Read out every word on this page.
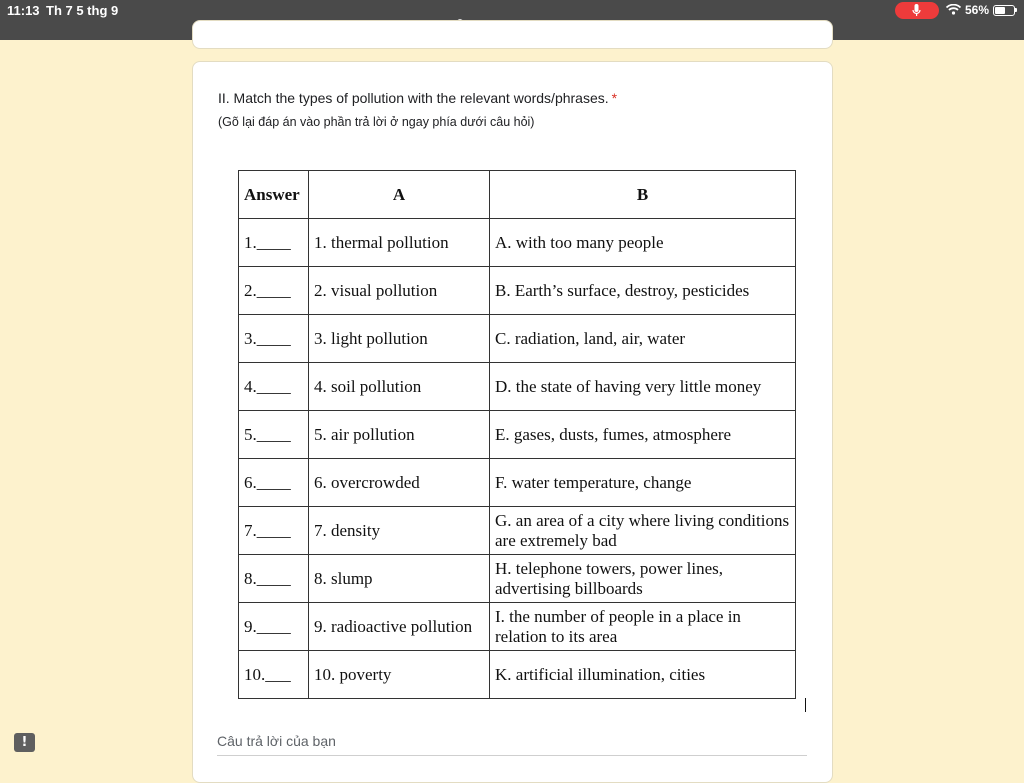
11:13 Th 7 5 thg 9	56%
II. Match the types of pollution with the relevant words/phrases. *
(Gõ lại đáp án vào phần trả lời ở ngay phía dưới câu hỏi)
Answer	A	B
1.____	1. thermal pollution	A. with too many people
2.____	2. visual pollution	B. Earth’s surface, destroy, pesticides
3.____	3. light pollution	C. radiation, land, air, water
4.____	4. soil pollution	D. the state of having very little money
5.____	5. air pollution	E. gases, dusts, fumes, atmosphere
6.____	6. overcrowded	F. water temperature, change
7.____	7. density	G. an area of a city where living conditions are extremely bad
8.____	8. slump	H. telephone towers, power lines, advertising billboards
9.____	9. radioactive pollution	I. the number of people in a place in relation to its area
10.___	10. poverty	K. artificial illumination, cities
Câu trả lời của bạn
!
